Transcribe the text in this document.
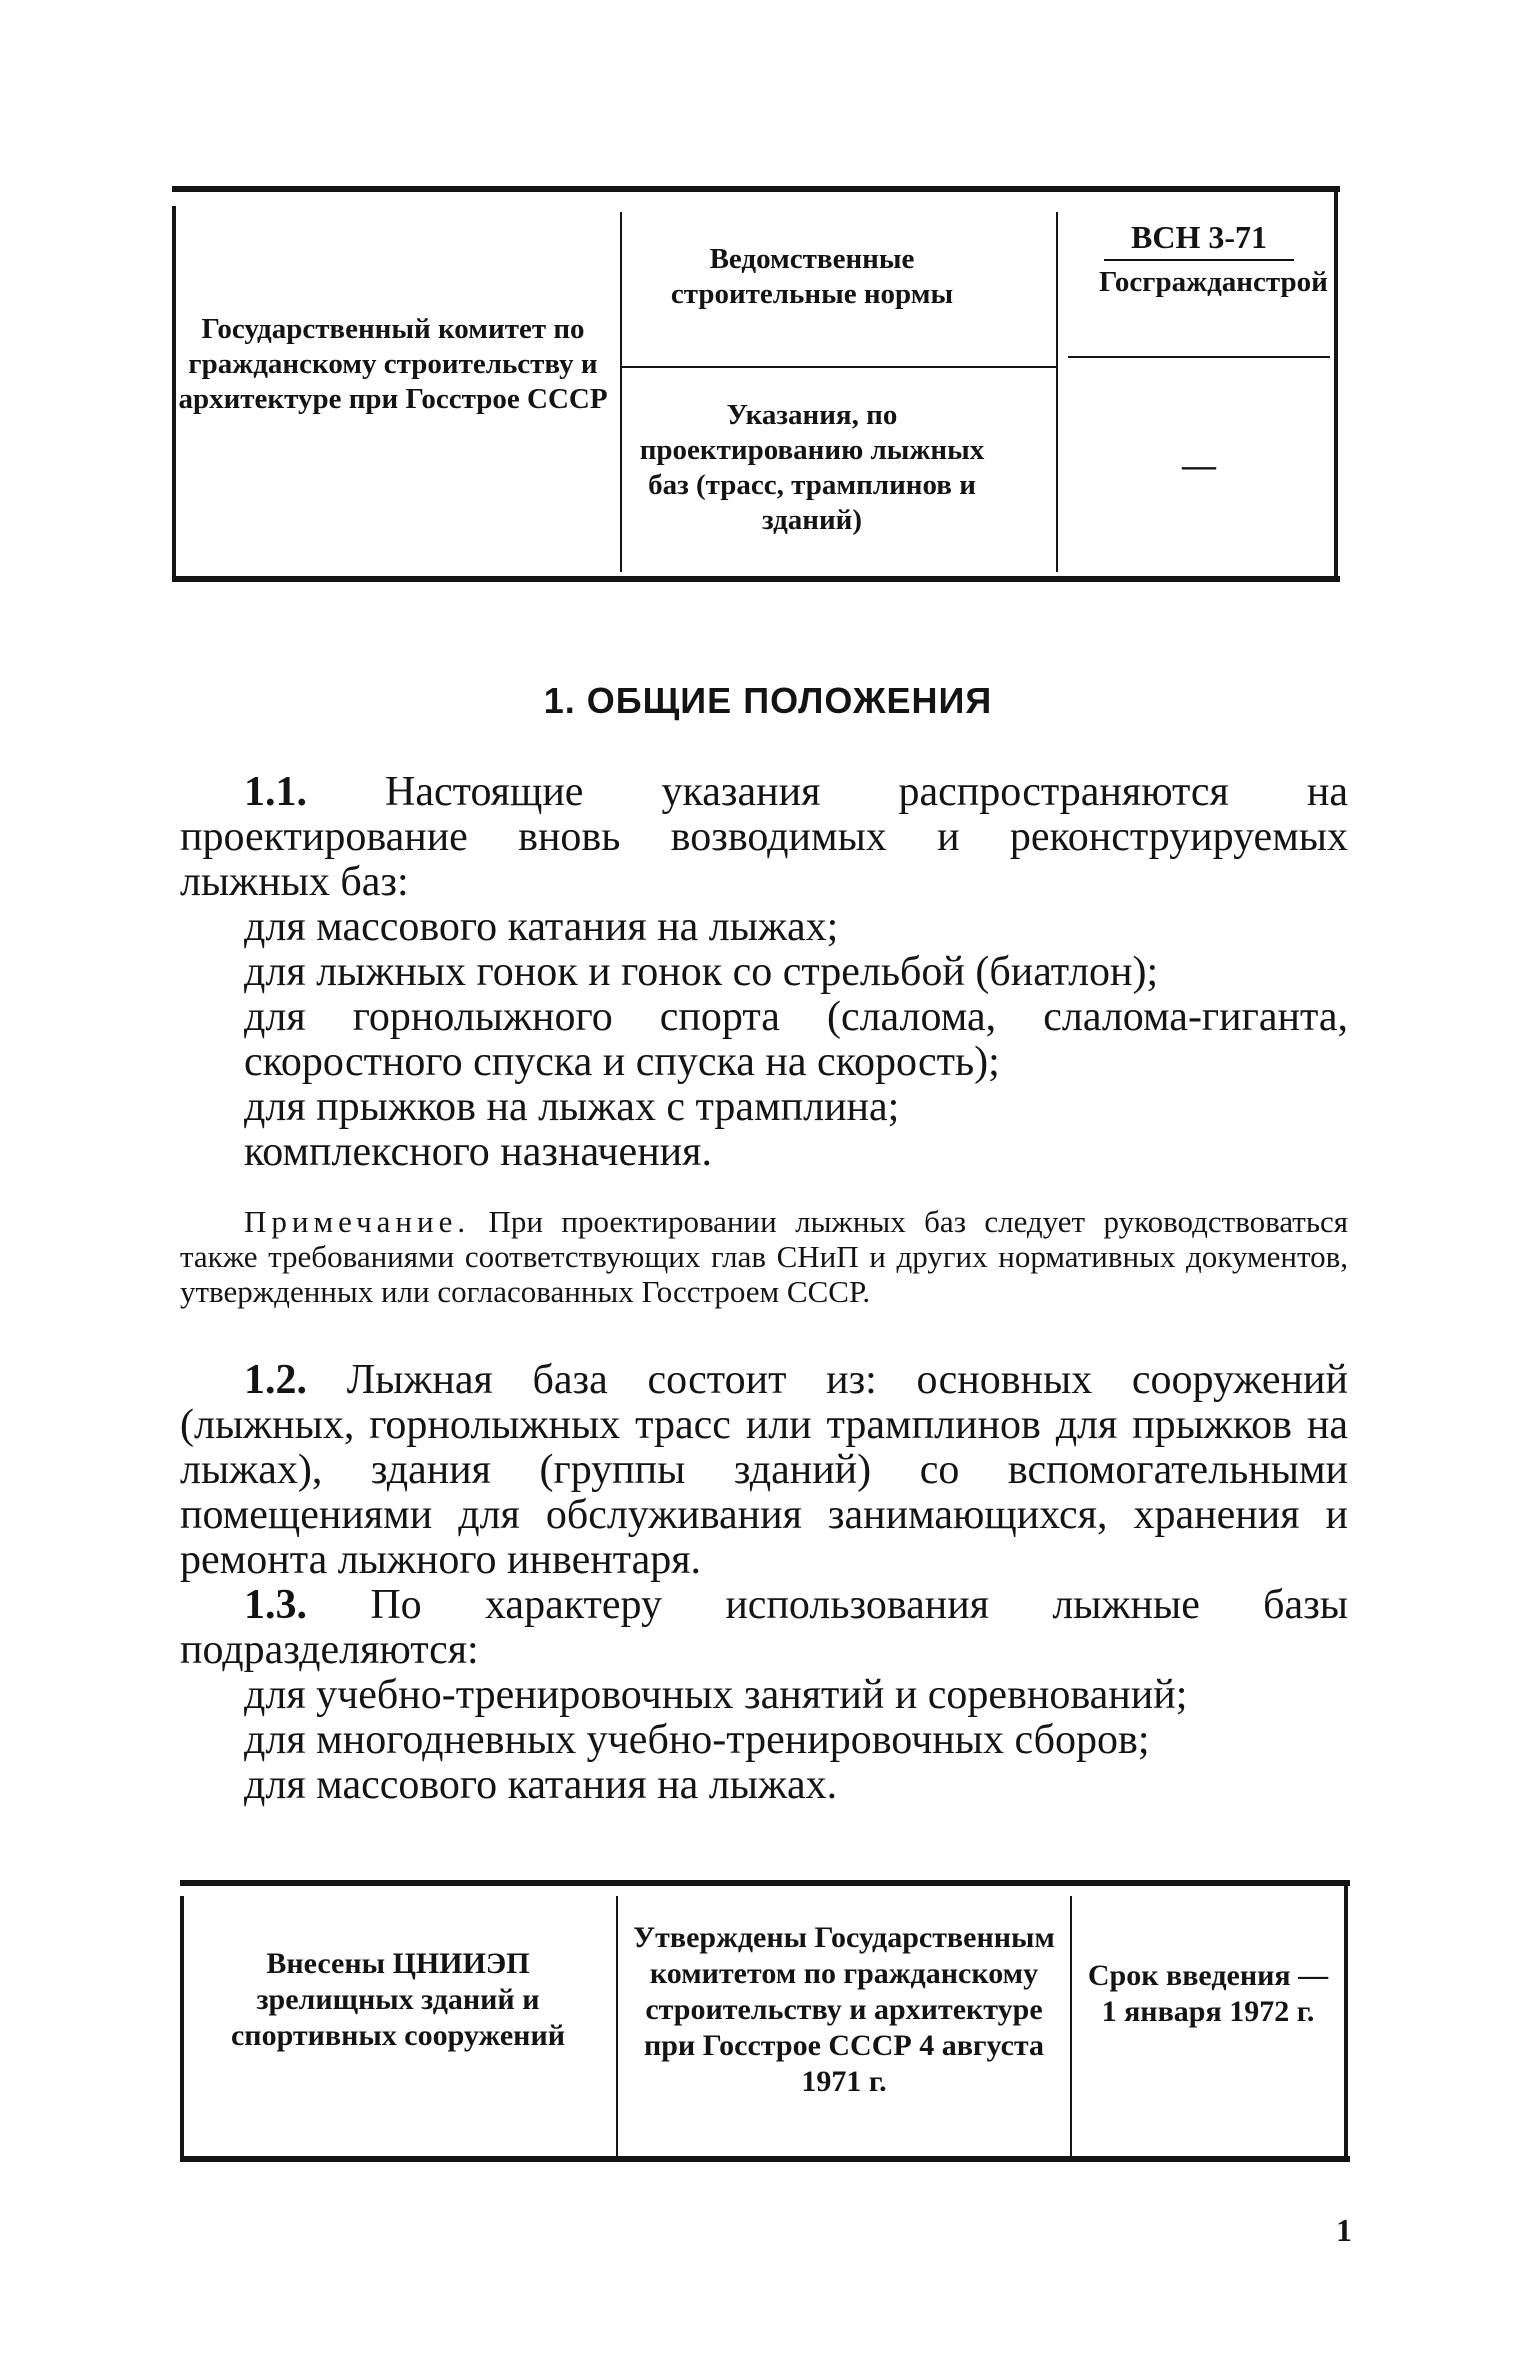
Государственный комитет по гражданскому строительству и архитектуре при Госстрое СССР
Ведомственные строительные нормы
Указания, по проектированию лыжных баз (трасс, трамплинов и зданий)
ВСН 3-71
Госгражданстрой
—
1. ОБЩИЕ ПОЛОЖЕНИЯ

1.1. Настоящие указания распространяются на проектирование вновь возводимых и реконструируемых лыжных баз:

для массового катания на лыжах;

для лыжных гонок и гонок со стрельбой (биатлон);

для горнолыжного спорта (слалома, слалома-гиганта, скоростного спуска и спуска на скорость);

для прыжков на лыжах с трамплина;

комплексного назначения.

Примечание. При проектировании лыжных баз следует руководствоваться также требованиями соответствующих глав СНиП и других нормативных документов, утвержденных или согласованных Госстроем СССР.

1.2. Лыжная база состоит из: основных сооружений (лыжных, горнолыжных трасс или трамплинов для прыжков на лыжах), здания (группы зданий) со вспомогательными помещениями для обслуживания занимающихся, хранения и ремонта лыжного инвентаря.

1.3. По характеру использования лыжные базы подразделяются:

для учебно-тренировочных занятий и соревнований;

для многодневных учебно-тренировочных сборов;

для массового катания на лыжах.

Внесены ЦНИИЭП зрелищных зданий и спортивных сооружений
Утверждены Государственным комитетом по гражданскому строительству и архитектуре при Госстрое СССР 4 августа 1971 г.
Срок введения — 1 января 1972 г.
1
